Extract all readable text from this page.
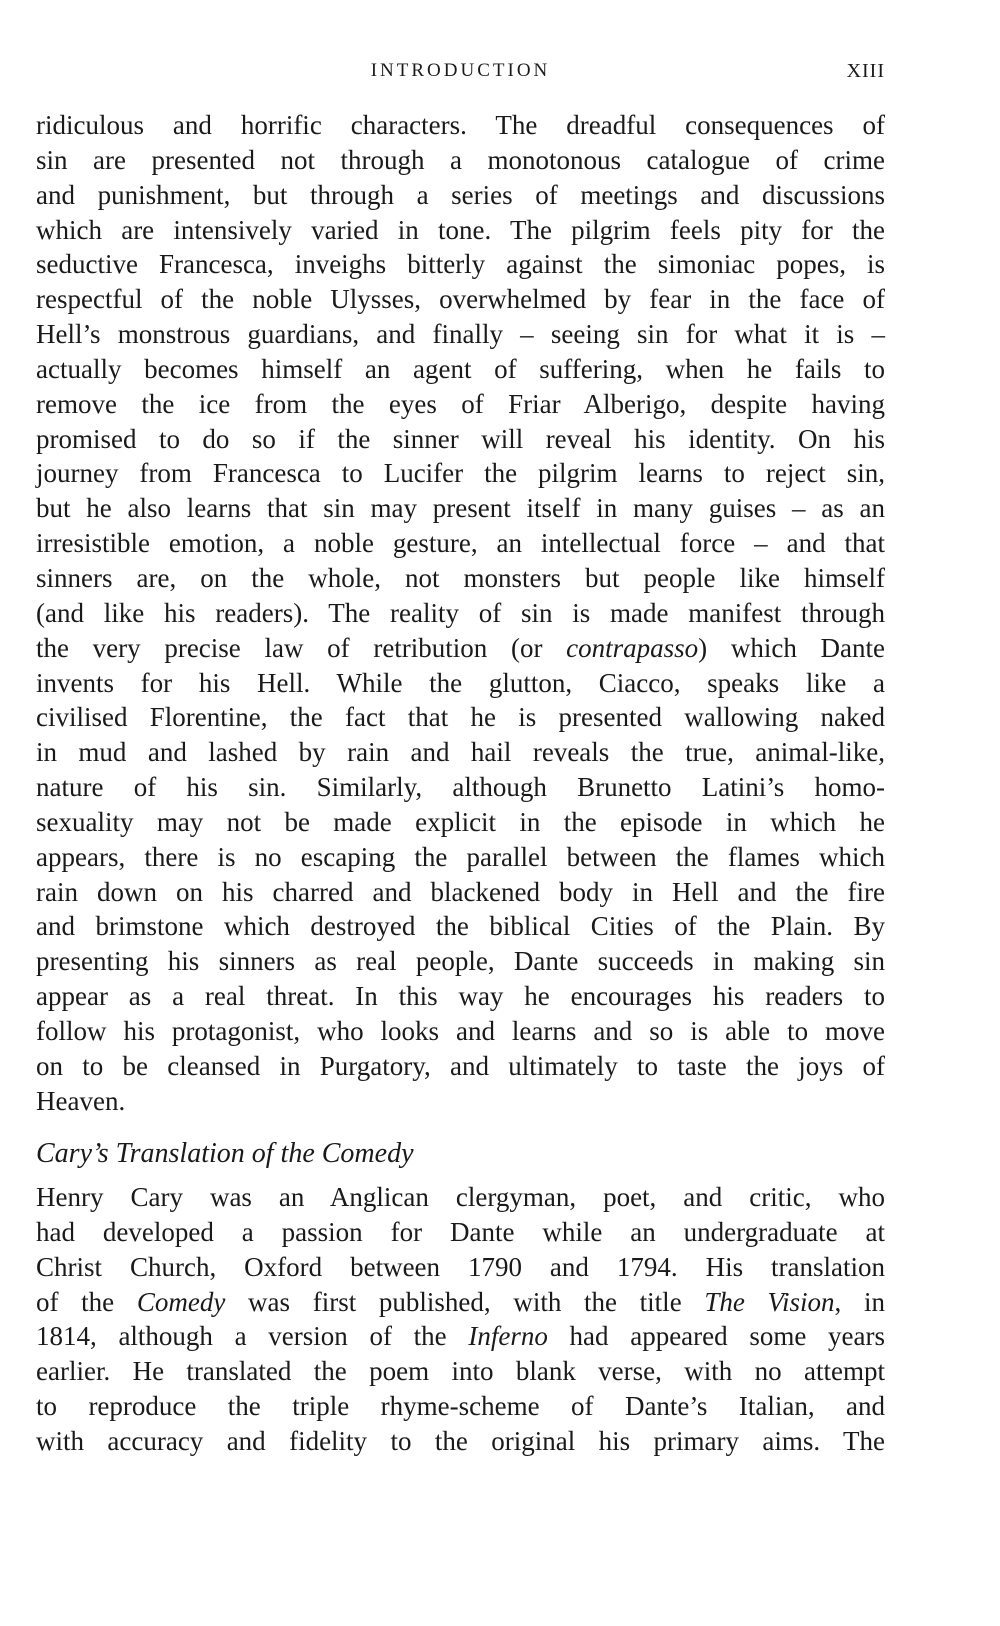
INTRODUCTION	XIII
ridiculous and horrific characters. The dreadful consequences of
sin are presented not through a monotonous catalogue of crime
and punishment, but through a series of meetings and discussions
which are intensively varied in tone. The pilgrim feels pity for the
seductive Francesca, inveighs bitterly against the simoniac popes, is
respectful of the noble Ulysses, overwhelmed by fear in the face of
Hell’s monstrous guardians, and finally – seeing sin for what it is –
actually becomes himself an agent of suffering, when he fails to
remove the ice from the eyes of Friar Alberigo, despite having
promised to do so if the sinner will reveal his identity. On his
journey from Francesca to Lucifer the pilgrim learns to reject sin,
but he also learns that sin may present itself in many guises – as an
irresistible emotion, a noble gesture, an intellectual force – and that
sinners are, on the whole, not monsters but people like himself
(and like his readers). The reality of sin is made manifest through
the very precise law of retribution (or contrapasso) which Dante
invents for his Hell. While the glutton, Ciacco, speaks like a
civilised Florentine, the fact that he is presented wallowing naked
in mud and lashed by rain and hail reveals the true, animal-like,
nature of his sin. Similarly, although Brunetto Latini’s homo-
sexuality may not be made explicit in the episode in which he
appears, there is no escaping the parallel between the flames which
rain down on his charred and blackened body in Hell and the fire
and brimstone which destroyed the biblical Cities of the Plain. By
presenting his sinners as real people, Dante succeeds in making sin
appear as a real threat. In this way he encourages his readers to
follow his protagonist, who looks and learns and so is able to move
on to be cleansed in Purgatory, and ultimately to taste the joys of
Heaven.
Cary’s Translation of the Comedy
Henry Cary was an Anglican clergyman, poet, and critic, who
had developed a passion for Dante while an undergraduate at
Christ Church, Oxford between 1790 and 1794. His translation
of the Comedy was first published, with the title The Vision, in
1814, although a version of the Inferno had appeared some years
earlier. He translated the poem into blank verse, with no attempt
to reproduce the triple rhyme-scheme of Dante’s Italian, and
with accuracy and fidelity to the original his primary aims. The
